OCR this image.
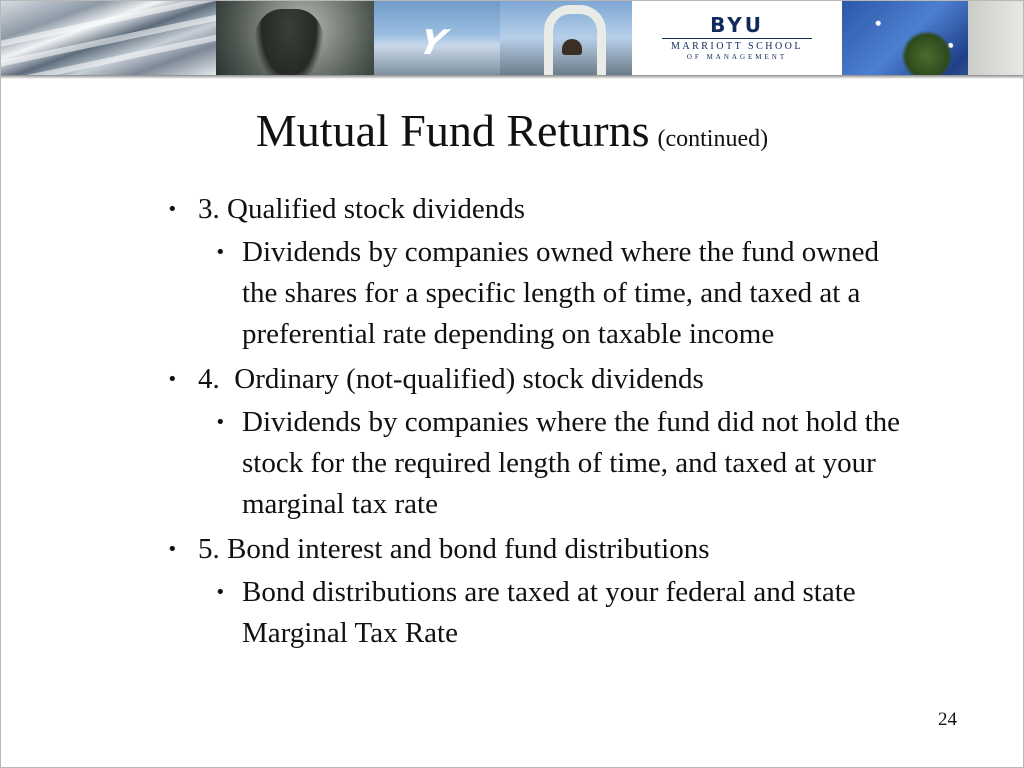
Y	BYU
MARRIOTT SCHOOL
OF MANAGEMENT
Mutual Fund Returns (continued)
• 3. Qualified stock dividends
• Dividends by companies owned where the fund owned the shares for a specific length of time, and taxed at a preferential rate depending on taxable income
• 4.  Ordinary (not-qualified) stock dividends
• Dividends by companies where the fund did not hold the stock for the required length of time, and taxed at your marginal tax rate
• 5. Bond interest and bond fund distributions
• Bond distributions are taxed at your federal and state Marginal Tax Rate
24
